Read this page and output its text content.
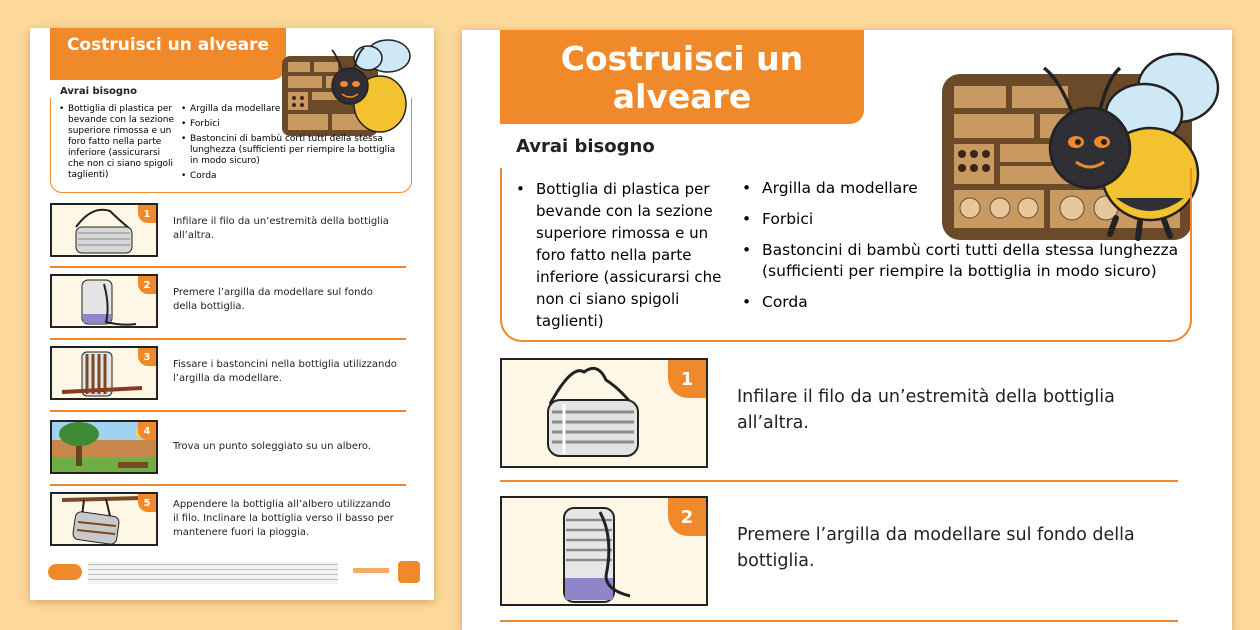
Costruisci un alveare
Avrai bisogno
• Bottiglia di plastica per bevande con la sezione superiore rimossa e un foro fatto nella parte inferiore (assicurarsi che non ci siano spigoli taglienti)
• Argilla da modellare
• Forbici
• Bastoncini di bambù corti tutti della stessa lunghezza (sufficienti per riempire la bottiglia in modo sicuro)
• Corda
1
Infilare il filo da un’estremità della bottiglia all’altra.
2
Premere l’argilla da modellare sul fondo della bottiglia.
3
Fissare i bastoncini nella bottiglia utilizzando l’argilla da modellare.
4
Trova un punto soleggiato su un albero.
5	Appendere la bottiglia all’albero utilizzando il filo. Inclinare la bottiglia verso il basso per mantenere fuori la pioggia.
Costruisci un alveare
Avrai bisogno
• Bottiglia di plastica per bevande con la sezione superiore rimossa e un foro fatto nella parte inferiore (assicurarsi che non ci siano spigoli taglienti)
• Argilla da modellare
• Forbici
• Bastoncini di bambù corti tutti della stessa lunghezza (sufficienti per riempire la bottiglia in modo sicuro)
• Corda
1
Infilare il filo da un’estremità della bottiglia all’altra.
2
Premere l’argilla da modellare sul fondo della bottiglia.
